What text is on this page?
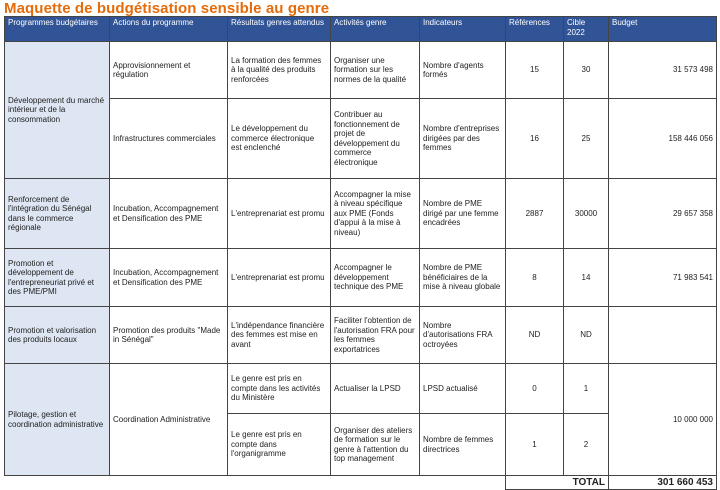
Maquette de budgétisation sensible au genre
Programmes budgétaires	Actions du programme	Résultats genres attendus	Activités genre	Indicateurs	Références	Cible 2022	Budget
Développement du marché intérieur et de la consommation	Approvisionnement et régulation	La formation des femmes à la qualité des produits renforcées	Organiser une formation sur les normes de la qualité	Nombre d'agents formés	15	30	31 573 498
	Infrastructures commerciales	Le développement du commerce électronique est enclenché	Contribuer au fonctionnement de projet de développement du commerce électronique	Nombre d'entreprises dirigées par des femmes	16	25	158 446 056
Renforcement de l'intégration du Sénégal dans le commerce régionale	Incubation, Accompagnement et Densification des PME	L'entreprenariat est promu	Accompagner la mise à niveau spécifique aux PME (Fonds d'appui à la mise à niveau)	Nombre de PME dirigé par une femme encadrées	2887	30000	29 657 358
Promotion et développement de l'entrepreneuriat privé et des PME/PMI	Incubation, Accompagnement et Densification des PME	L'entreprenariat est promu	Accompagner le développement technique des PME	Nombre de PME bénéficiaires de la mise à niveau globale	8	14	71 983 541
Promotion et valorisation des produits locaux	Promotion des produits "Made in Sénégal"	L'indépendance financière des femmes est mise en avant	Faciliter l'obtention de l'autorisation FRA pour les femmes exportatrices	Nombre d'autorisations FRA octroyées	ND	ND	
Pilotage, gestion et coordination administrative	Coordination Administrative	Le genre est pris en compte dans les activités du Ministère	Actualiser la LPSD	LPSD actualisé	0	1	10 000 000
		Le genre est pris en compte dans l'organigramme	Organiser des ateliers de formation sur le genre à l'attention du top management	Nombre de femmes directrices	1	2	
					TOTAL		301 660 453
